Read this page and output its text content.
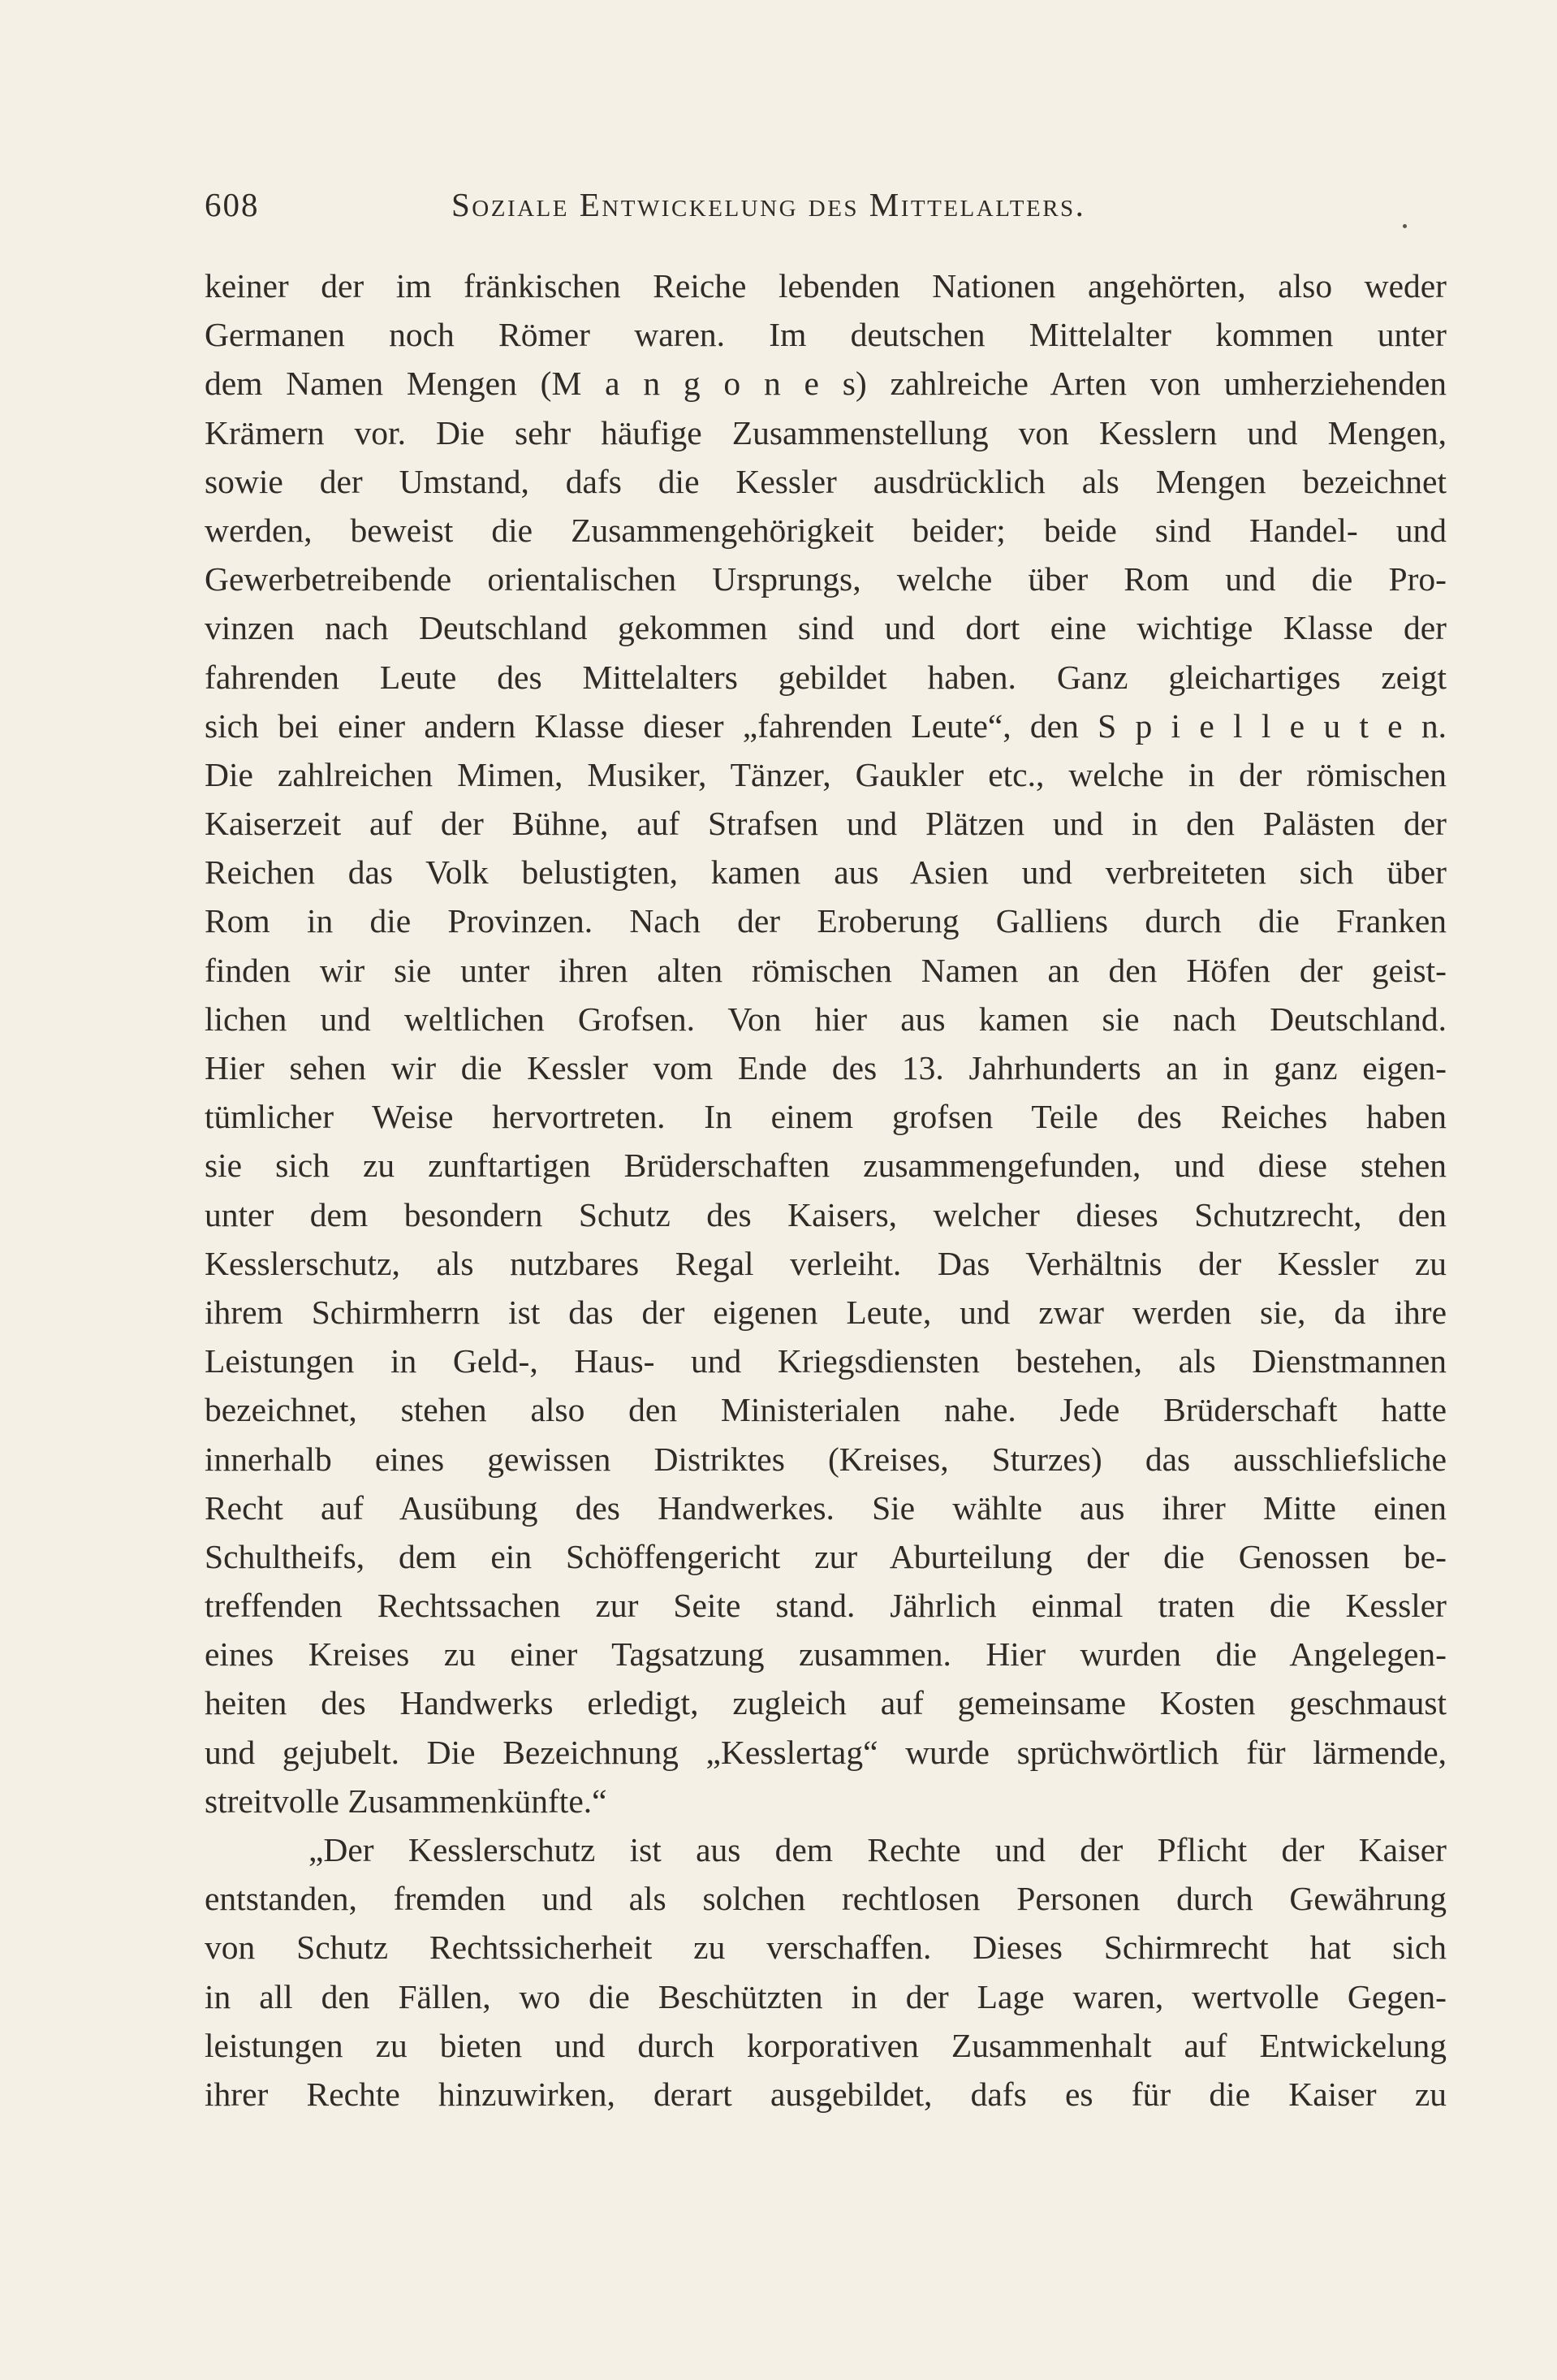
608	Soziale Entwickelung des Mittelalters.
keiner der im fränkischen Reiche lebenden Nationen angehörten, also weder
Germanen noch Römer waren. Im deutschen Mittelalter kommen unter
dem Namen Mengen (M a n g o n e s) zahlreiche Arten von umherziehenden
Krämern vor. Die sehr häufige Zusammenstellung von Kesslern und Mengen,
sowie der Umstand, dafs die Kessler ausdrücklich als Mengen bezeichnet
werden, beweist die Zusammengehörigkeit beider; beide sind Handel- und
Gewerbetreibende orientalischen Ursprungs, welche über Rom und die Pro-
vinzen nach Deutschland gekommen sind und dort eine wichtige Klasse der
fahrenden Leute des Mittelalters gebildet haben. Ganz gleichartiges zeigt
sich bei einer andern Klasse dieser „fahrenden Leute“, den S p i e l l e u t e n.
Die zahlreichen Mimen, Musiker, Tänzer, Gaukler etc., welche in der römischen
Kaiserzeit auf der Bühne, auf Strafsen und Plätzen und in den Palästen der
Reichen das Volk belustigten, kamen aus Asien und verbreiteten sich über
Rom in die Provinzen. Nach der Eroberung Galliens durch die Franken
finden wir sie unter ihren alten römischen Namen an den Höfen der geist-
lichen und weltlichen Grofsen. Von hier aus kamen sie nach Deutschland.
Hier sehen wir die Kessler vom Ende des 13. Jahrhunderts an in ganz eigen-
tümlicher Weise hervortreten. In einem grofsen Teile des Reiches haben
sie sich zu zunftartigen Brüderschaften zusammengefunden, und diese stehen
unter dem besondern Schutz des Kaisers, welcher dieses Schutzrecht, den
Kesslerschutz, als nutzbares Regal verleiht. Das Verhältnis der Kessler zu
ihrem Schirmherrn ist das der eigenen Leute, und zwar werden sie, da ihre
Leistungen in Geld-, Haus- und Kriegsdiensten bestehen, als Dienstmannen
bezeichnet, stehen also den Ministerialen nahe. Jede Brüderschaft hatte
innerhalb eines gewissen Distriktes (Kreises, Sturzes) das ausschliefsliche
Recht auf Ausübung des Handwerkes. Sie wählte aus ihrer Mitte einen
Schultheifs, dem ein Schöffengericht zur Aburteilung der die Genossen be-
treffenden Rechtssachen zur Seite stand. Jährlich einmal traten die Kessler
eines Kreises zu einer Tagsatzung zusammen. Hier wurden die Angelegen-
heiten des Handwerks erledigt, zugleich auf gemeinsame Kosten geschmaust
und gejubelt. Die Bezeichnung „Kesslertag“ wurde sprüchwörtlich für lärmende,
streitvolle Zusammenkünfte.“
„Der Kesslerschutz ist aus dem Rechte und der Pflicht der Kaiser
entstanden, fremden und als solchen rechtlosen Personen durch Gewährung
von Schutz Rechtssicherheit zu verschaffen. Dieses Schirmrecht hat sich
in all den Fällen, wo die Beschützten in der Lage waren, wertvolle Gegen-
leistungen zu bieten und durch korporativen Zusammenhalt auf Entwickelung
ihrer Rechte hinzuwirken, derart ausgebildet, dafs es für die Kaiser zu
